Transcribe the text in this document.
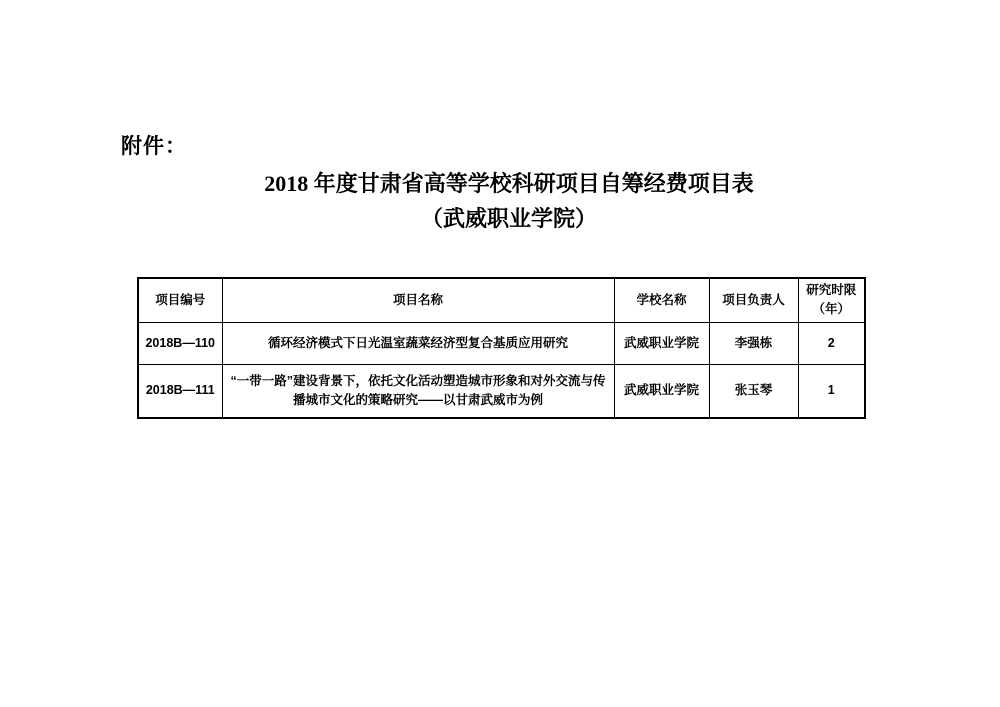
附件：
2018 年度甘肃省高等学校科研项目自筹经费项目表
（武威职业学院）
项目编号	项目名称	学校名称	项目负责人	研究时限（年）
2018B—110	循环经济模式下日光温室蔬菜经济型复合基质应用研究	武威职业学院	李强栋	2
2018B—111	“一带一路”建设背景下，依托文化活动塑造城市形象和对外交流与传播城市文化的策略研究——以甘肃武威市为例	武威职业学院	张玉琴	1
